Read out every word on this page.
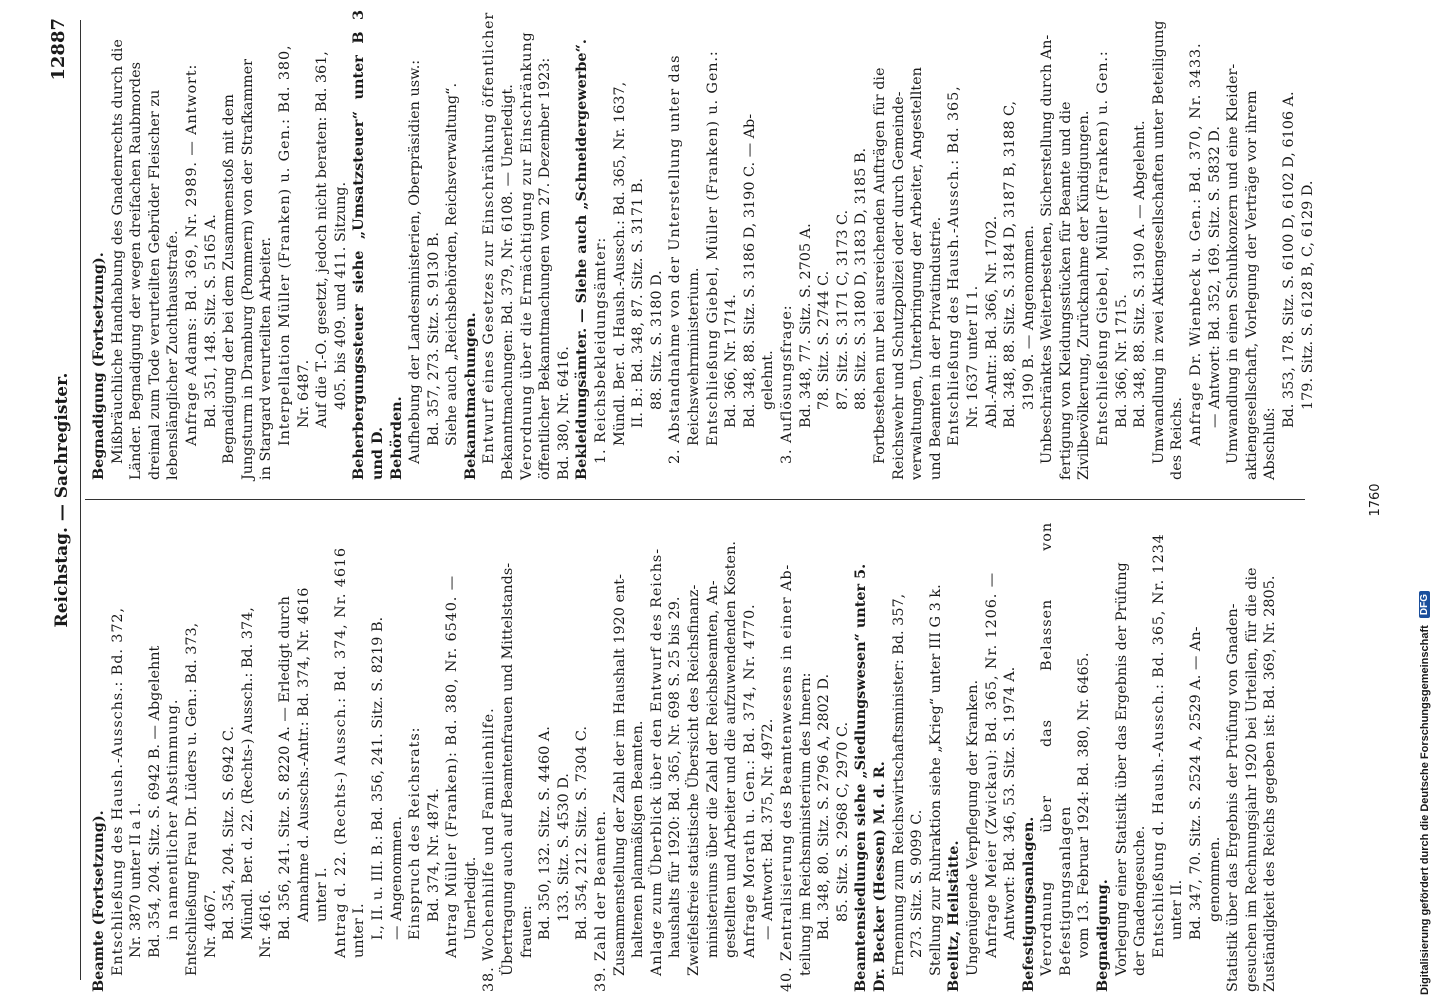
Reichstag. — Sachregister.
12887

Beamte (Fortsetzung). Entschließung des Haush.-Ausschs.: Bd. 372, Nr. 3870 unter II a 1. Bd. 354, 204. Sitz. S. 6942 B. — Abgelehnt in namentlicher Abstimmung. Entschließung Frau Dr. Lüders u. Gen.: Bd. 373, Nr. 4067. Bd. 354, 204. Sitz. S. 6942 C. Mündl. Ber. d. 22. (Rechts-) Aussch.: Bd. 374, Nr. 4616. Bd. 356, 241. Sitz. S. 8220 A. — Erledigt durch Annahme d. Ausschs.-Antr.: Bd. 374, Nr. 4616 unter I. Antrag d. 22. (Rechts-) Aussch.: Bd. 374, Nr. 4616 unter I. I., II. u. III. B.: Bd. 356, 241. Sitz. S. 8219 B. — Angenommen. Einspruch des Reichsrats: Bd. 374, Nr. 4874. Antrag Müller (Franken): Bd. 380, Nr. 6540. — Unerledigt. 38. Wochenhilfe und Familienhilfe. Übertragung auch auf Beamtenfrauen und Mittelstands- frauen: Bd. 350, 132. Sitz. S. 4460 A. 133. Sitz. S. 4530 D. Bd. 354, 212. Sitz. S. 7304 C. 39. Zahl der Beamten. Zusammenstellung der Zahl der im Haushalt 1920 ent- haltenen planmäßigen Beamten. Anlage zum Überblick über den Entwurf des Reichs- haushalts für 1920: Bd. 365, Nr. 698 S. 25 bis 29. Zweifelsfreie statistische Übersicht des Reichsfinanz- ministeriums über die Zahl der Reichsbeamten, An- gestellten und Arbeiter und die aufzuwendenden Kosten. Anfrage Morath u. Gen.: Bd. 374, Nr. 4770. — Antwort: Bd. 375, Nr. 4972. 40. Zentralisierung des Beamtenwesens in einer Ab- teilung im Reichsministerium des Innern: Bd. 348, 80. Sitz. S. 2796 A, 2802 D. 85. Sitz. S. 2968 C, 2970 C. Beamtensiedlungen siehe „Siedlungswesen“ unter 5. Dr. Becker (Hessen) M. d. R. Ernennung zum Reichswirtschaftsminister: Bd. 357, 273. Sitz. S. 9099 C. Stellung zur Ruhraktion siehe „Krieg“ unter III G 3 k. Beelitz, Heilstätte. Ungenügende Verpflegung der Kranken. Anfrage Meier (Zwickau): Bd. 365, Nr. 1206. — Antwort: Bd. 346, 53. Sitz. S. 1974 A. Befestigungsanlagen. Verordnung über das Belassen von Befestigungsanlagen vom 13. Februar 1924: Bd. 380, Nr. 6465. Begnadigung. Vorlegung einer Statistik über das Ergebnis der Prüfung der Gnadengesuche. Entschließung d. Haush.-Aussch.: Bd. 365, Nr. 1234 unter II. Bd. 347, 70. Sitz. S. 2524 A, 2529 A. — An- genommen. Statistik über das Ergebnis der Prüfung von Gnaden- gesuchen im Rechnungsjahr 1920 bei Urteilen, für die die Zuständigkeit des Reichs gegeben ist: Bd. 369, Nr. 2805.

Begnadigung (Fortsetzung). Mißbräuchliche Handhabung des Gnadenrechts durch die Länder. Begnadigung der wegen dreifachen Raubmordes dreimal zum Tode verurteilten Gebrüder Fleischer zu lebenslänglicher Zuchthausstrafe. Anfrage Adams: Bd. 369, Nr. 2989. — Antwort: Bd. 351, 148. Sitz. S. 5165 A. Begnadigung der bei dem Zusammenstoß mit dem Jungsturm in Dramburg (Pommern) von der Strafkammer in Stargard verurteilten Arbeiter. Interpellation Müller (Franken) u. Gen.: Bd. 380, Nr. 6487. Auf die T.-O. gesetzt, jedoch nicht beraten: Bd. 361, 405. bis 409. und 411. Sitzung. Beherbergungssteuer siehe „Umsatzsteuer“ unter B 3 und D. Behörden. Aufhebung der Landesministerien, Oberpräsidien usw.: Bd. 357, 273. Sitz. S. 9130 B. Siehe auch „Reichsbehörden, Reichsverwaltung“. Bekanntmachungen. Entwurf eines Gesetzes zur Einschränkung öffentlicher Bekanntmachungen: Bd. 379, Nr. 6108. — Unerledigt. Verordnung über die Ermächtigung zur Einschränkung öffentlicher Bekanntmachungen vom 27. Dezember 1923: Bd. 380, Nr. 6416. Bekleidungsämter. — Siehe auch „Schneidergewerbe“. 1. Reichsbekleidungsämter: Mündl. Ber. d. Haush.-Aussch.: Bd. 365, Nr. 1637, II. B.: Bd. 348, 87. Sitz. S. 3171 B. 88. Sitz. S. 3180 D. 2. Abstandnahme von der Unterstellung unter das Reichswehrministerium. Entschließung Giebel, Müller (Franken) u. Gen.: Bd. 366, Nr. 1714. Bd. 348, 88. Sitz. S. 3186 D, 3190 C. — Ab- gelehnt. 3. Auflösungsfrage: Bd. 348, 77. Sitz. S. 2705 A. 78. Sitz. S. 2744 C. 87. Sitz. S. 3171 C, 3173 C. 88. Sitz. S. 3180 D, 3183 D, 3185 B. Fortbestehen nur bei ausreichenden Aufträgen für die Reichswehr und Schutzpolizei oder durch Gemeinde- verwaltungen, Unterbringung der Arbeiter, Angestellten und Beamten in der Privatindustrie. Entschließung des Haush.-Aussch.: Bd. 365, Nr. 1637 unter II 1. Abl.-Antr.: Bd. 366, Nr. 1702. Bd. 348, 88. Sitz. S. 3184 D, 3187 B, 3188 C, 3190 B. — Angenommen. Unbeschränktes Weiterbestehen, Sicherstellung durch An- fertigung von Kleidungsstücken für Beamte und die Zivilbevölkerung, Zurücknahme der Kündigungen. Entschließung Giebel, Müller (Franken) u. Gen.: Bd. 366, Nr. 1715. Bd. 348, 88. Sitz. S. 3190 A. — Abgelehnt. Umwandlung in zwei Aktiengesellschaften unter Beteiligung des Reichs. Anfrage Dr. Wienbeck u. Gen.: Bd. 370, Nr. 3433. — Antwort: Bd. 352, 169. Sitz. S. 5832 D. Umwandlung in einen Schuhkonzern und eine Kleider- aktiengesellschaft, Vorlegung der Verträge vor ihrem Abschluß:

Bd. 353, 178. Sitz. S. 6100 D, 6102 D, 6106 A. 179. Sitz. S. 6128 B, C, 6129 D.

1760
Digitalisierung gefördert durch die Deutsche Forschungsgemeinschaft DFG
